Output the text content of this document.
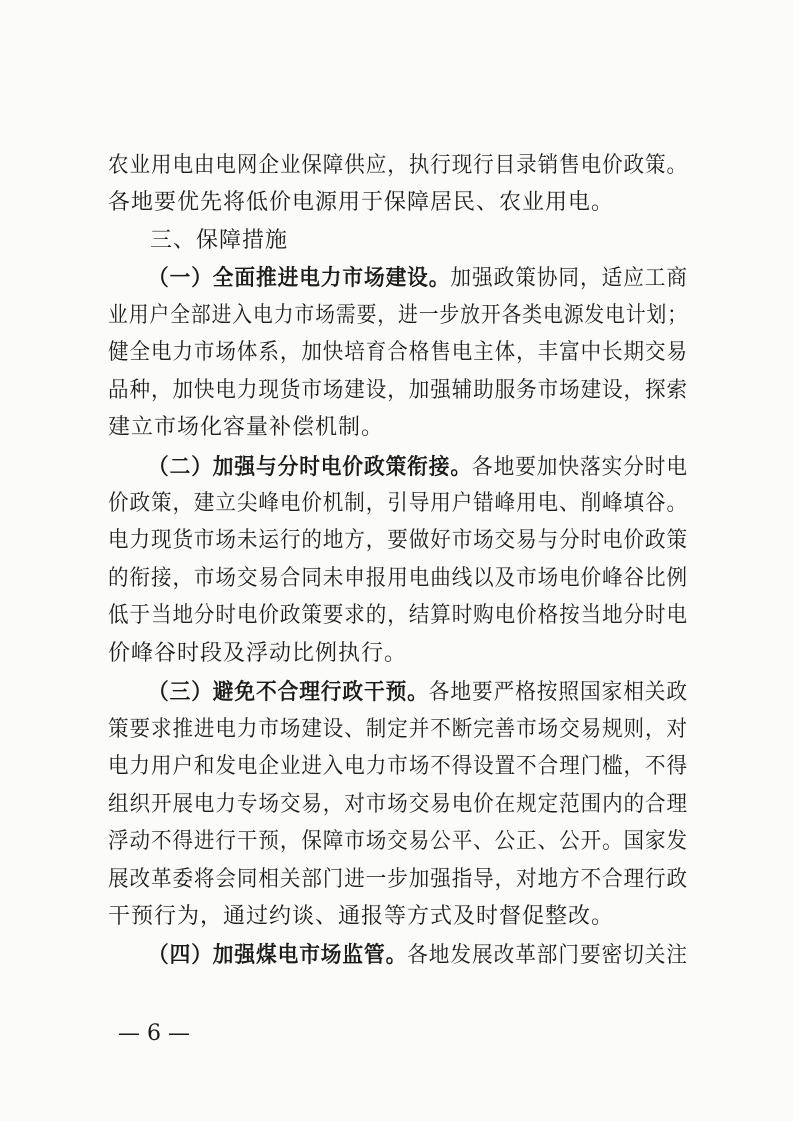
农业用电由电网企业保障供应，执行现行目录销售电价政策。
各地要优先将低价电源用于保障居民、农业用电。
三、保障措施
（一）全面推进电力市场建设。加强政策协同，适应工商
业用户全部进入电力市场需要，进一步放开各类电源发电计划；
健全电力市场体系，加快培育合格售电主体，丰富中长期交易
品种，加快电力现货市场建设，加强辅助服务市场建设，探索
建立市场化容量补偿机制。
（二）加强与分时电价政策衔接。各地要加快落实分时电
价政策，建立尖峰电价机制，引导用户错峰用电、削峰填谷。
电力现货市场未运行的地方，要做好市场交易与分时电价政策
的衔接，市场交易合同未申报用电曲线以及市场电价峰谷比例
低于当地分时电价政策要求的，结算时购电价格按当地分时电
价峰谷时段及浮动比例执行。
（三）避免不合理行政干预。各地要严格按照国家相关政
策要求推进电力市场建设、制定并不断完善市场交易规则，对
电力用户和发电企业进入电力市场不得设置不合理门槛，不得
组织开展电力专场交易，对市场交易电价在规定范围内的合理
浮动不得进行干预，保障市场交易公平、公正、公开。国家发
展改革委将会同相关部门进一步加强指导，对地方不合理行政
干预行为，通过约谈、通报等方式及时督促整改。
（四）加强煤电市场监管。各地发展改革部门要密切关注
— 6 —
